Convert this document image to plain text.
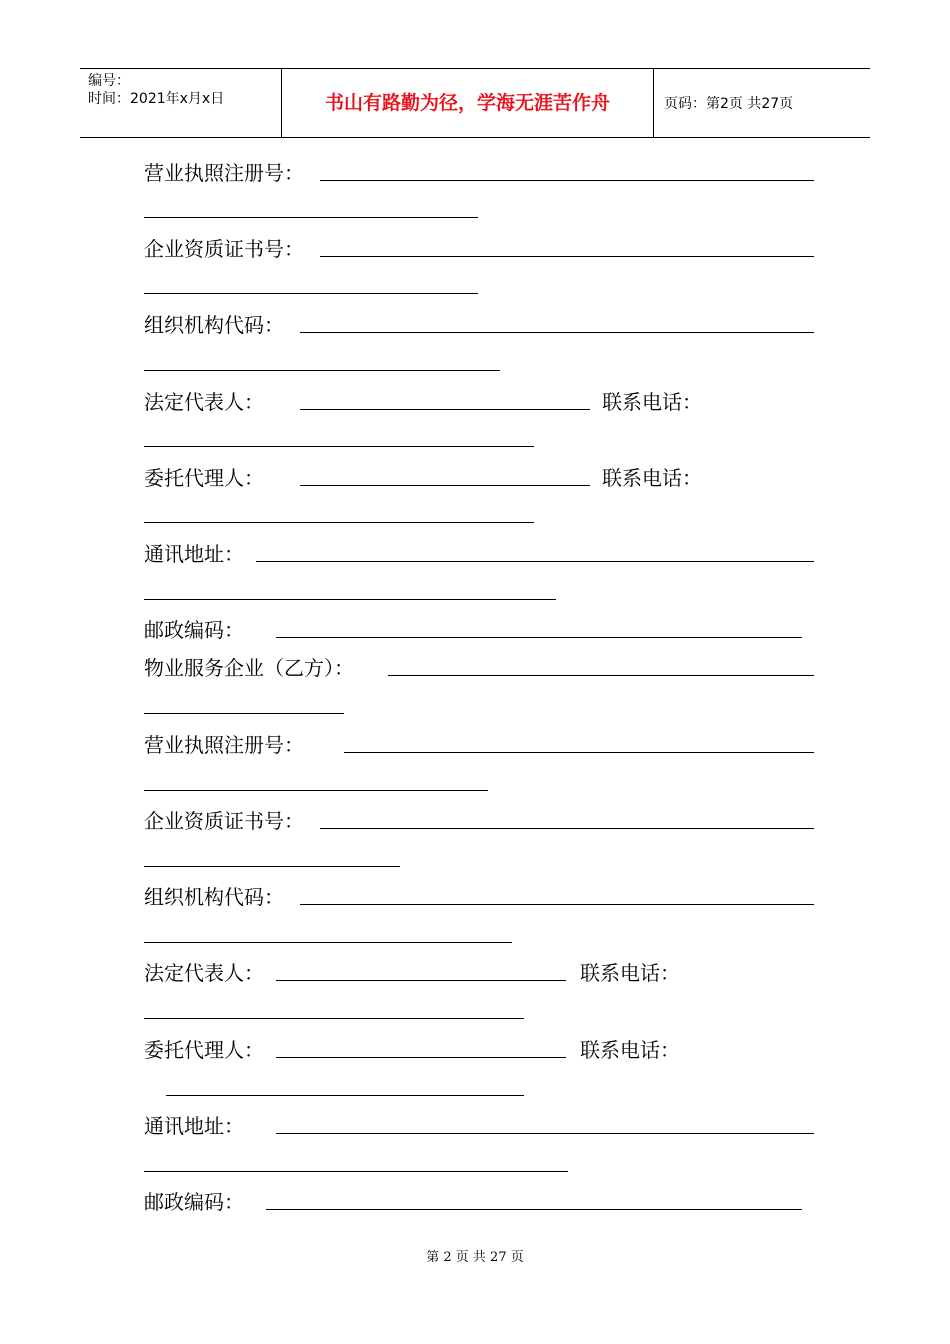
编号：
时间：2021年x月x日	书山有路勤为径，学海无涯苦作舟	页码：第2页 共27页
营业执照注册号：
企业资质证书号：
组织机构代码：
法定代表人：	联系电话：
委托代理人：	联系电话：
通讯地址：
邮政编码：
物业服务企业（乙方）：
营业执照注册号：
企业资质证书号：
组织机构代码：
法定代表人：	联系电话：
委托代理人：	联系电话：
通讯地址：
邮政编码：
第 2 页 共 27 页
